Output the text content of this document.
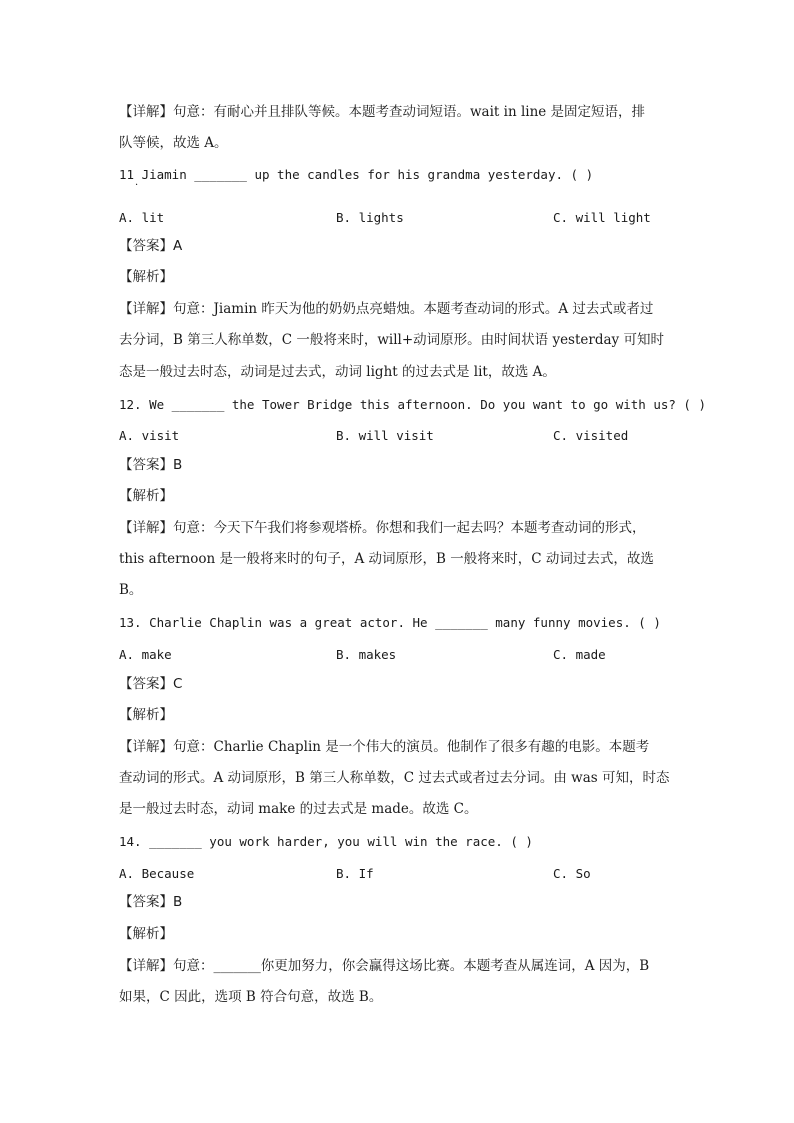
【详解】句意：有耐心并且排队等候。本题考查动词短语。wait in line 是固定短语，排
队等候，故选 A。
11 Jiamin _______ up the candles for his grandma yesterday. ( )
·
A. lit	B. lights	C. will light
【答案】A
【解析】
【详解】句意：Jiamin 昨天为他的奶奶点亮蜡烛。本题考查动词的形式。A 过去式或者过
去分词，B 第三人称单数，C 一般将来时，will+动词原形。由时间状语 yesterday 可知时
态是一般过去时态，动词是过去式，动词 light 的过去式是 lit，故选 A。
12. We _______ the Tower Bridge this afternoon. Do you want to go with us? ( )
A. visit	B. will visit	C. visited
【答案】B
【解析】
【详解】句意：今天下午我们将参观塔桥。你想和我们一起去吗？本题考查动词的形式，
this afternoon 是一般将来时的句子，A 动词原形，B 一般将来时，C 动词过去式，故选
B。
13. Charlie Chaplin was a great actor. He _______ many funny movies. ( )
A. make	B. makes	C. made
【答案】C
【解析】
【详解】句意：Charlie Chaplin 是一个伟大的演员。他制作了很多有趣的电影。本题考
查动词的形式。A 动词原形，B 第三人称单数，C 过去式或者过去分词。由 was 可知，时态
是一般过去时态，动词 make 的过去式是 made。故选 C。
14. _______ you work harder, you will win the race. ( )
A. Because	B. If	C. So
【答案】B
【解析】
【详解】句意：_______你更加努力，你会赢得这场比赛。本题考查从属连词，A 因为，B
如果，C 因此，选项 B 符合句意，故选 B。
